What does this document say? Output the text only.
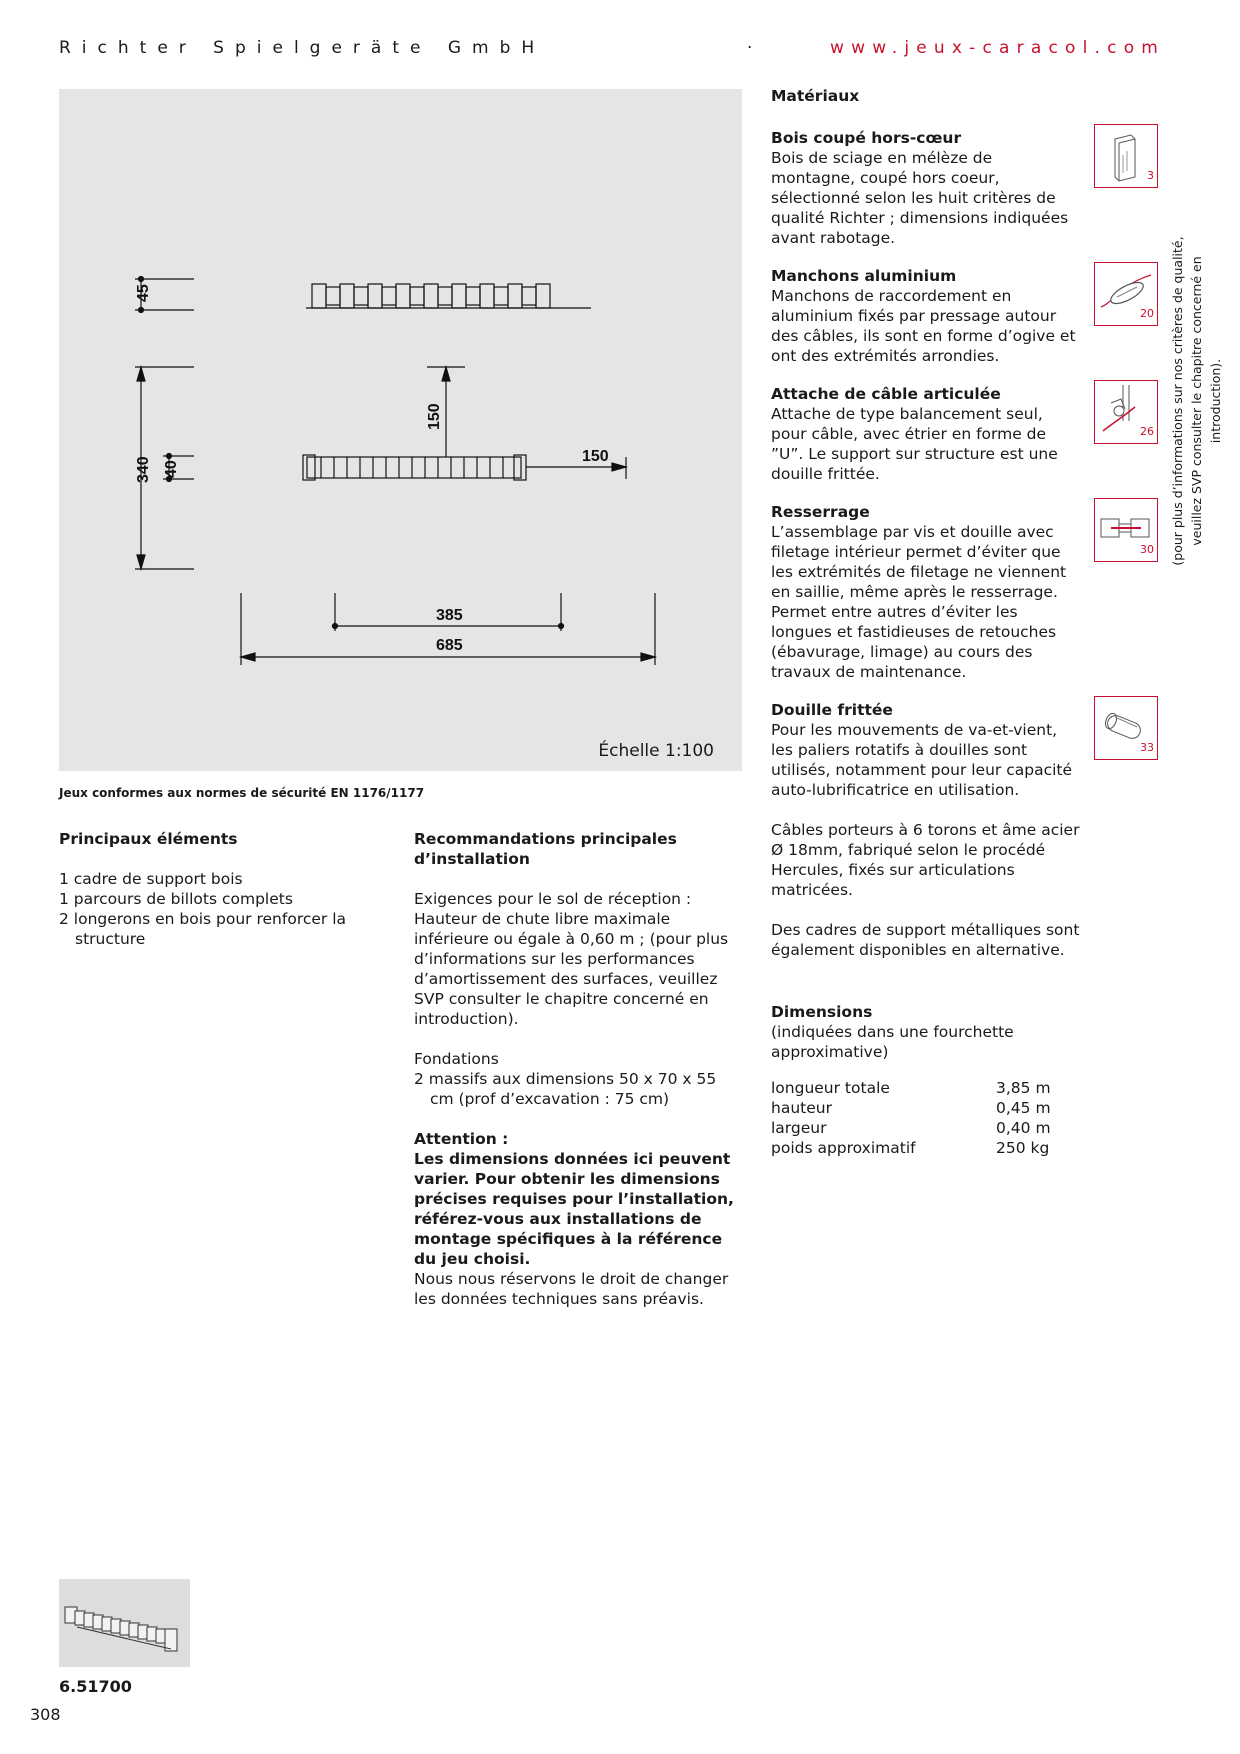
Richter Spielgeräte GmbH	·	www.jeux-caracol.com
45
340 40
150
150
385
685
Échelle 1:100
Jeux conformes aux normes de sécurité EN 1176/1177
Principaux éléments

1 cadre de support bois

1 parcours de billots complets

2 longerons en bois pour renforcer la structure

Recommandations principales d’installation

Exigences pour le sol de réception : Hauteur de chute libre maximale inférieure ou égale à 0,60 m ; (pour plus d’informations sur les performances d’amortissement des surfaces, veuillez SVP consulter le chapitre concerné en introduction).

Fondations

2 massifs aux dimensions 50 x 70 x 55 cm (prof d’excavation : 75 cm)

Attention :

Les dimensions données ici peuvent varier. Pour obtenir les dimensions précises requises pour l’installation, référez-vous aux installations de montage spécifiques à la référence du jeu choisi.

Nous nous réservons le droit de changer les données techniques sans préavis.

Matériaux
Bois coupé hors-cœur

Bois de sciage en mélèze de montagne, coupé hors coeur, sélectionné selon les huit critères de qualité Richter ; dimensions indiquées avant rabotage.

3
Manchons aluminium

Manchons de raccordement en aluminium fixés par pressage autour des câbles, ils sont en forme d’ogive et ont des extrémités arrondies.

20
Attache de câble articulée

Attache de type balancement seul, pour câble, avec étrier en forme de ”U”. Le support sur structure est une douille frittée.

26
Resserrage

L’assemblage par vis et douille avec filetage intérieur permet d’éviter que les extrémités de filetage ne viennent en saillie, même après le resserrage. Permet entre autres d’éviter les longues et fastidieuses de retouches (ébavurage, limage) au cours des travaux de maintenance.

30
Douille frittée

Pour les mouvements de va-et-vient, les paliers rotatifs à douilles sont utilisés, notamment pour leur capacité auto-lubrificatrice en utilisation.

33

Câbles porteurs à 6 torons et âme acier Ø 18mm, fabriqué selon le procédé Hercules, fixés sur articulations matricées.

Des cadres de support métalliques sont également disponibles en alternative.

Dimensions

(indiquées dans une fourchette approximative)

longueur totale	3,85 m
hauteur	0,45 m
largeur	0,40 m
poids approximatif	250 kg
(pour plus d’informations sur nos critères de qualité, veuillez SVP consulter le chapitre concerné en introduction).
6.51700
308
